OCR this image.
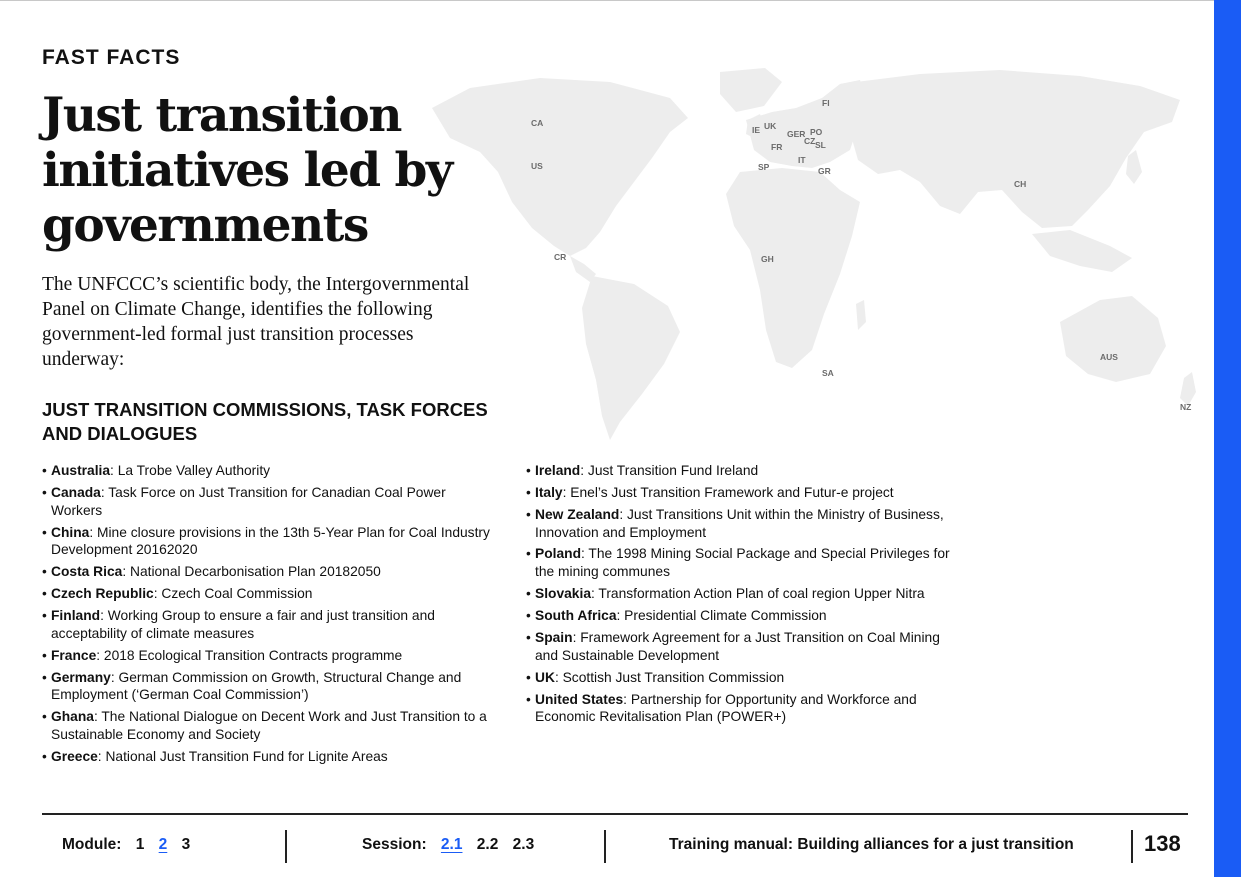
CA
US
CR
IE UK
FR
SP
GER PO
CZ SL
IT
GR
FI
GH
SA
CH
AUS
NZ
FAST FACTS
Just transition initiatives led by governments

The UNFCCC’s scientific body, the Intergovernmental Panel on Climate Change, identifies the following government-led formal just transition processes underway:

JUST TRANSITION COMMISSIONS, TASK FORCES AND DIALOGUES
• Australia: La Trobe Valley Authority
• Canada: Task Force on Just Transition for Canadian Coal Power Workers
• China: Mine closure provisions in the 13th 5-Year Plan for Coal Industry Development 20162020
• Costa Rica: National Decarbonisation Plan 20182050
• Czech Republic: Czech Coal Commission
• Finland: Working Group to ensure a fair and just transition and acceptability of climate measures
• France: 2018 Ecological Transition Contracts programme
• Germany: German Commission on Growth, Structural Change and Employment (‘German Coal Commission’)
• Ghana: The National Dialogue on Decent Work and Just Transition to a Sustainable Economy and Society
• Greece: National Just Transition Fund for Lignite Areas
• Ireland: Just Transition Fund Ireland
• Italy: Enel’s Just Transition Framework and Futur-e project
• New Zealand: Just Transitions Unit within the Ministry of Business, Innovation and Employment
• Poland: The 1998 Mining Social Package and Special Privileges for the mining communes
• Slovakia: Transformation Action Plan of coal region Upper Nitra
• South Africa: Presidential Climate Commission
• Spain: Framework Agreement for a Just Transition on Coal Mining and Sustainable Development
• UK: Scottish Just Transition Commission
• United States: Partnership for Opportunity and Workforce and Economic Revitalisation Plan (POWER+)
Module: 1 2 3	Session: 2.1 2.2 2.3	Training manual: Building alliances for a just transition	138
